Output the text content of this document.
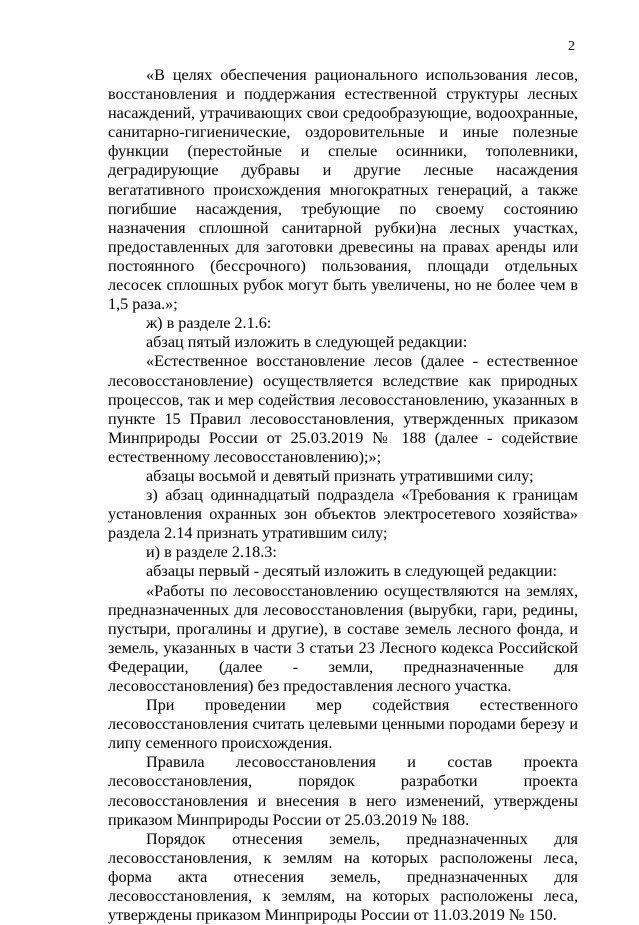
2

«В целях обеспечения рационального использования лесов, восстановления и поддержания естественной структуры лесных насаждений, утрачивающих свои средообразующие, водоохранные, санитарно-гигиенические, оздоровительные и иные полезные функции (перестойные и спелые осинники, тополевники, деградирующие дубравы и другие лесные насаждения вегатативного происхождения многократных генераций, а также погибшие насаждения, требующие по своему состоянию назначения сплошной санитарной рубки)на лесных участках, предоставленных для заготовки древесины на правах аренды или постоянного (бессрочного) пользования, площади отдельных лесосек сплошных рубок могут быть увеличены, но не более чем в 1,5 раза.»;

ж) в разделе 2.1.6:

абзац пятый изложить в следующей редакции:

«Естественное восстановление лесов (далее - естественное лесовосстановление) осуществляется вследствие как природных процессов, так и мер содействия лесовосстановлению, указанных в пункте 15 Правил лесовосстановления, утвержденных приказом Минприроды России от 25.03.2019 № 188 (далее - содействие естественному лесовосстановлению);»;

абзацы восьмой и девятый признать утратившими силу;

з) абзац одиннадцатый подраздела «Требования к границам установления охранных зон объектов электросетевого хозяйства» раздела 2.14 признать утратившим силу;

и) в разделе 2.18.3:

абзацы первый - десятый изложить в следующей редакции:

«Работы по лесовосстановлению осуществляются на землях, предназначенных для лесовосстановления (вырубки, гари, редины, пустыри, прогалины и другие), в составе земель лесного фонда, и земель, указанных в части 3 статьи 23 Лесного кодекса Российской Федерации, (далее - земли, предназначенные для лесовосстановления) без предоставления лесного участка.

При проведении мер содействия естественного лесовосстановления считать целевыми ценными породами березу и липу семенного происхождения.

Правила лесовосстановления и состав проекта лесовосстановления, порядок разработки проекта лесовосстановления и внесения в него изменений, утверждены приказом Минприроды России от 25.03.2019 № 188.

Порядок отнесения земель, предназначенных для лесовосстановления, к землям на которых расположены леса, форма акта отнесения земель, предназначенных для лесовосстановления, к землям, на которых расположены леса, утверждены приказом Минприроды России от 11.03.2019 № 150.
